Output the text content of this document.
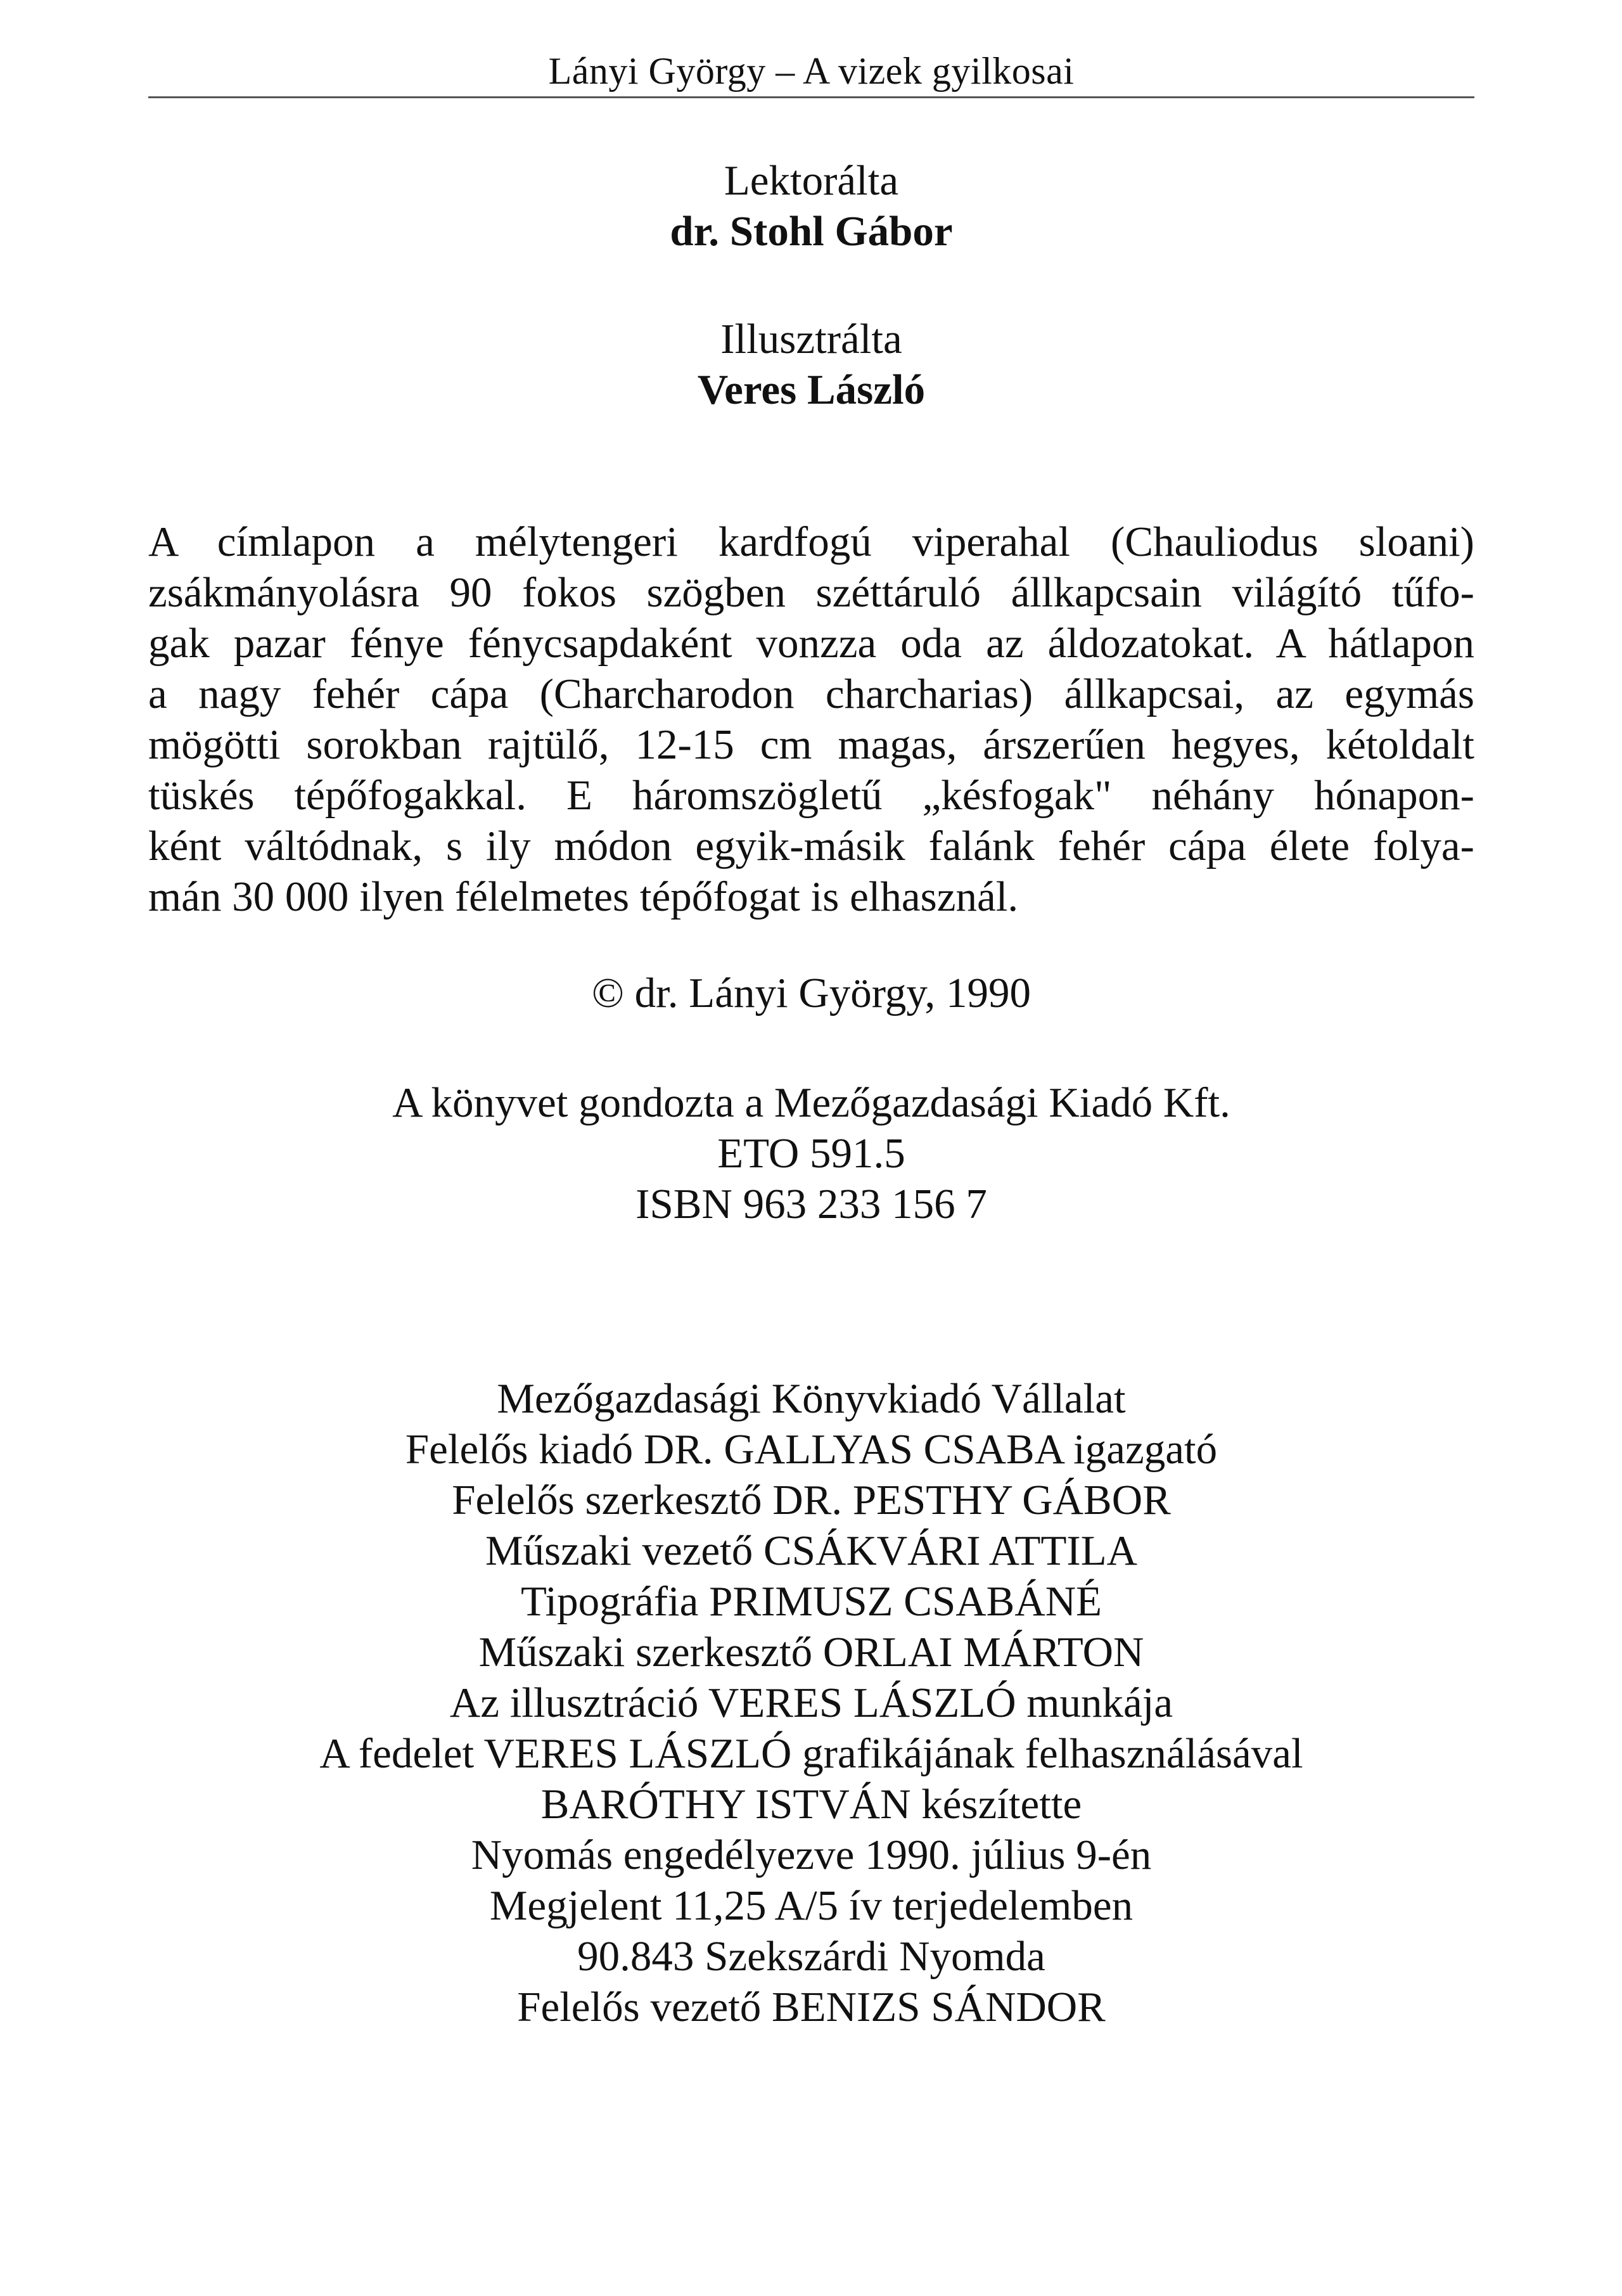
Lányi György – A vizek gyilkosai
Lektorálta
dr. Stohl Gábor
Illusztrálta
Veres László
A címlapon a mélytengeri kardfogú viperahal (Chauliodus sloani)
zsákmányolásra 90 fokos szögben széttáruló állkapcsain világító tűfo-
gak pazar fénye fénycsapdaként vonzza oda az áldozatokat. A hátlapon
a nagy fehér cápa (Charcharodon charcharias) állkapcsai, az egymás
mögötti sorokban rajtülő, 12-15 cm magas, árszerűen hegyes, kétoldalt
tüskés tépőfogakkal. E háromszögletű „késfogak" néhány hónapon-
ként váltódnak, s ily módon egyik-másik falánk fehér cápa élete folya-
mán 30 000 ilyen félelmetes tépőfogat is elhasznál.
© dr. Lányi György, 1990
A könyvet gondozta a Mezőgazdasági Kiadó Kft.
ETO 591.5
ISBN 963 233 156 7
Mezőgazdasági Könyvkiadó Vállalat
Felelős kiadó DR. GALLYAS CSABA igazgató
Felelős szerkesztő DR. PESTHY GÁBOR
Műszaki vezető CSÁKVÁRI ATTILA
Tipográfia PRIMUSZ CSABÁNÉ
Műszaki szerkesztő ORLAI MÁRTON
Az illusztráció VERES LÁSZLÓ munkája
A fedelet VERES LÁSZLÓ grafikájának felhasználásával
BARÓTHY ISTVÁN készítette
Nyomás engedélyezve 1990. július 9-én
Megjelent 11,25 A/5 ív terjedelemben
90.843 Szekszárdi Nyomda
Felelős vezető BENIZS SÁNDOR
